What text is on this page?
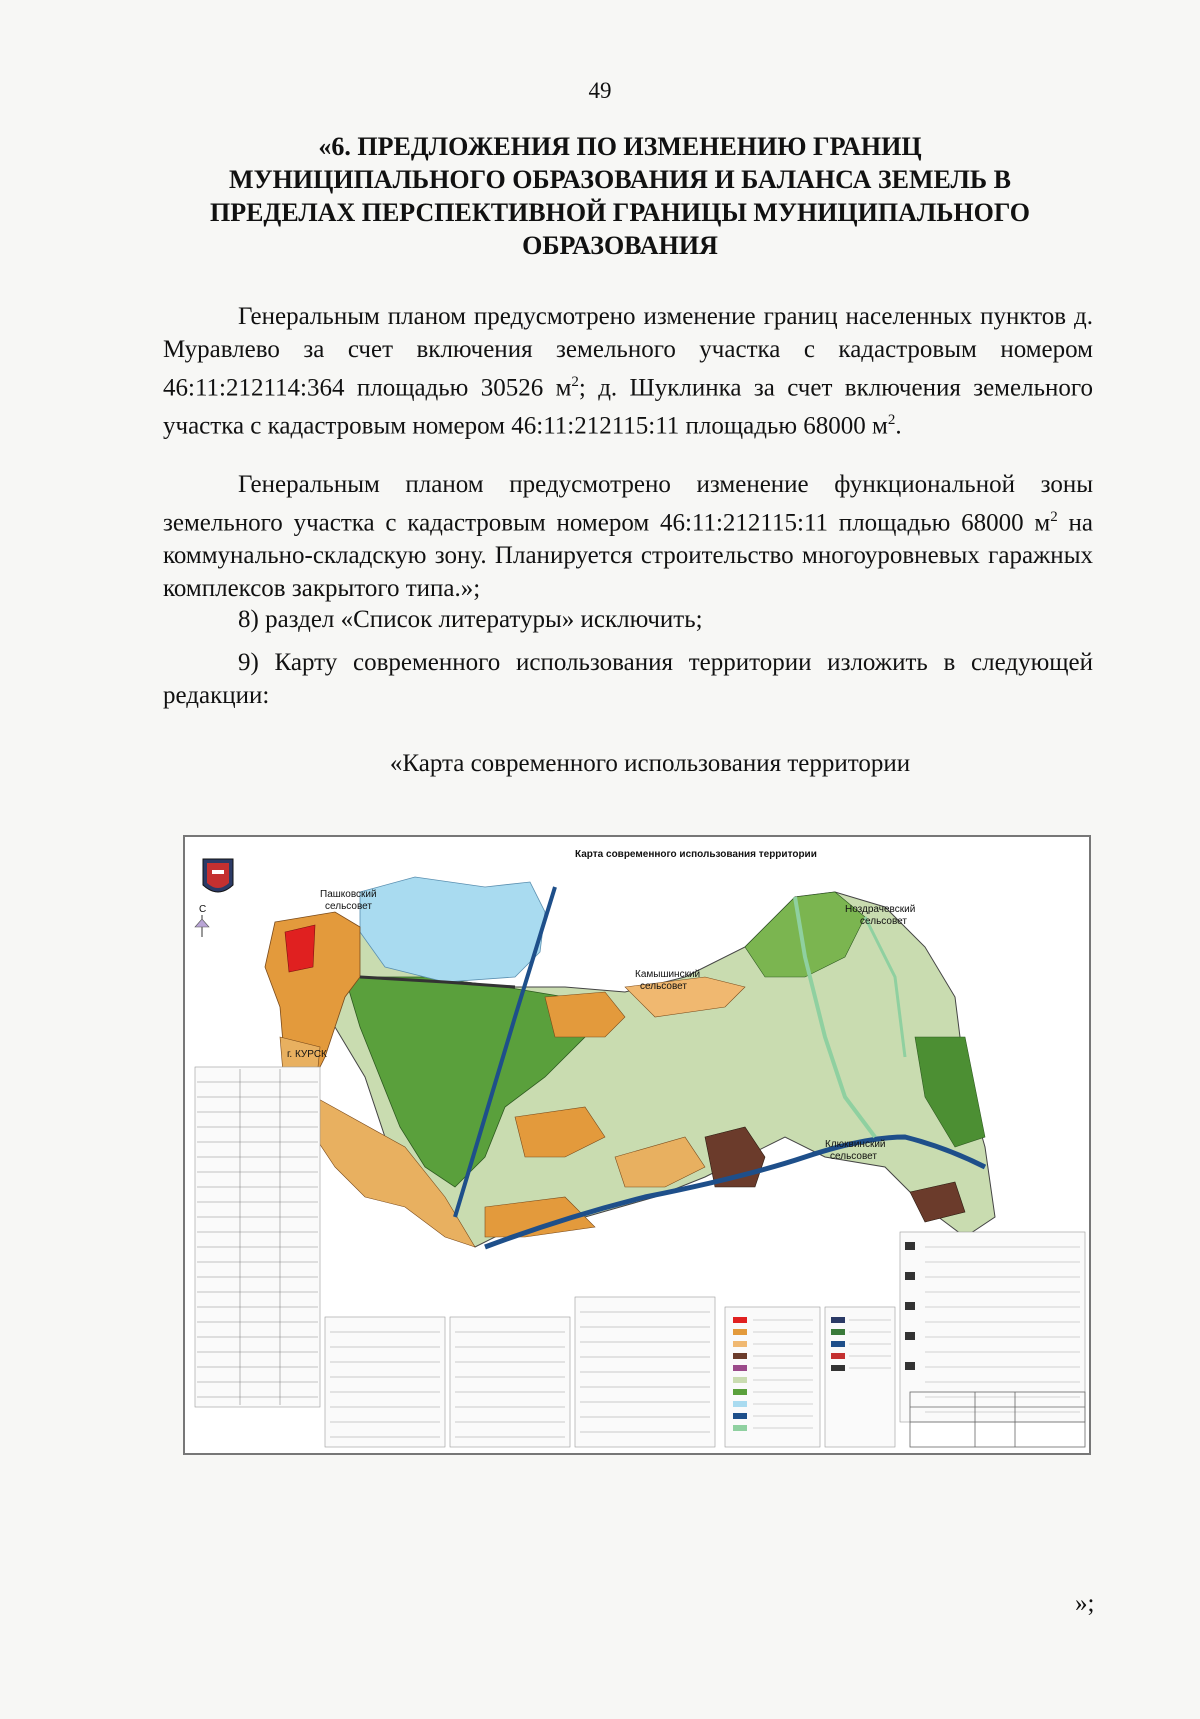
49
«6. ПРЕДЛОЖЕНИЯ ПО ИЗМЕНЕНИЮ ГРАНИЦ
МУНИЦИПАЛЬНОГО ОБРАЗОВАНИЯ И БАЛАНСА ЗЕМЕЛЬ В
ПРЕДЕЛАХ ПЕРСПЕКТИВНОЙ ГРАНИЦЫ МУНИЦИПАЛЬНОГО
ОБРАЗОВАНИЯ

Генеральным планом предусмотрено изменение границ населенных пунктов д. Муравлево за счет включения земельного участка с кадастровым номером 46:11:212114:364 площадью 30526 $м^2$; д. Шуклинка за счет включения земельного участка с кадастровым номером 46:11:212115:11 площадью 68000 $м^2$.

Генеральным планом предусмотрено изменение функциональной зоны земельного участка с кадастровым номером 46:11:212115:11 площадью 68000 $м^2$ на коммунально-складскую зону. Планируется строительство многоуровневых гаражных комплексов закрытого типа.»;

8) раздел «Список литературы» исключить;

9) Карту современного использования территории изложить в следующей редакции:

«Карта современного использования территории
Карта современного использования территории
С
Пашковский
сельсовет	Ноздрачевский
сельсовет
Камышинский
сельсовет
г. КУРСК
Клюквинский
сельсовет
»;
